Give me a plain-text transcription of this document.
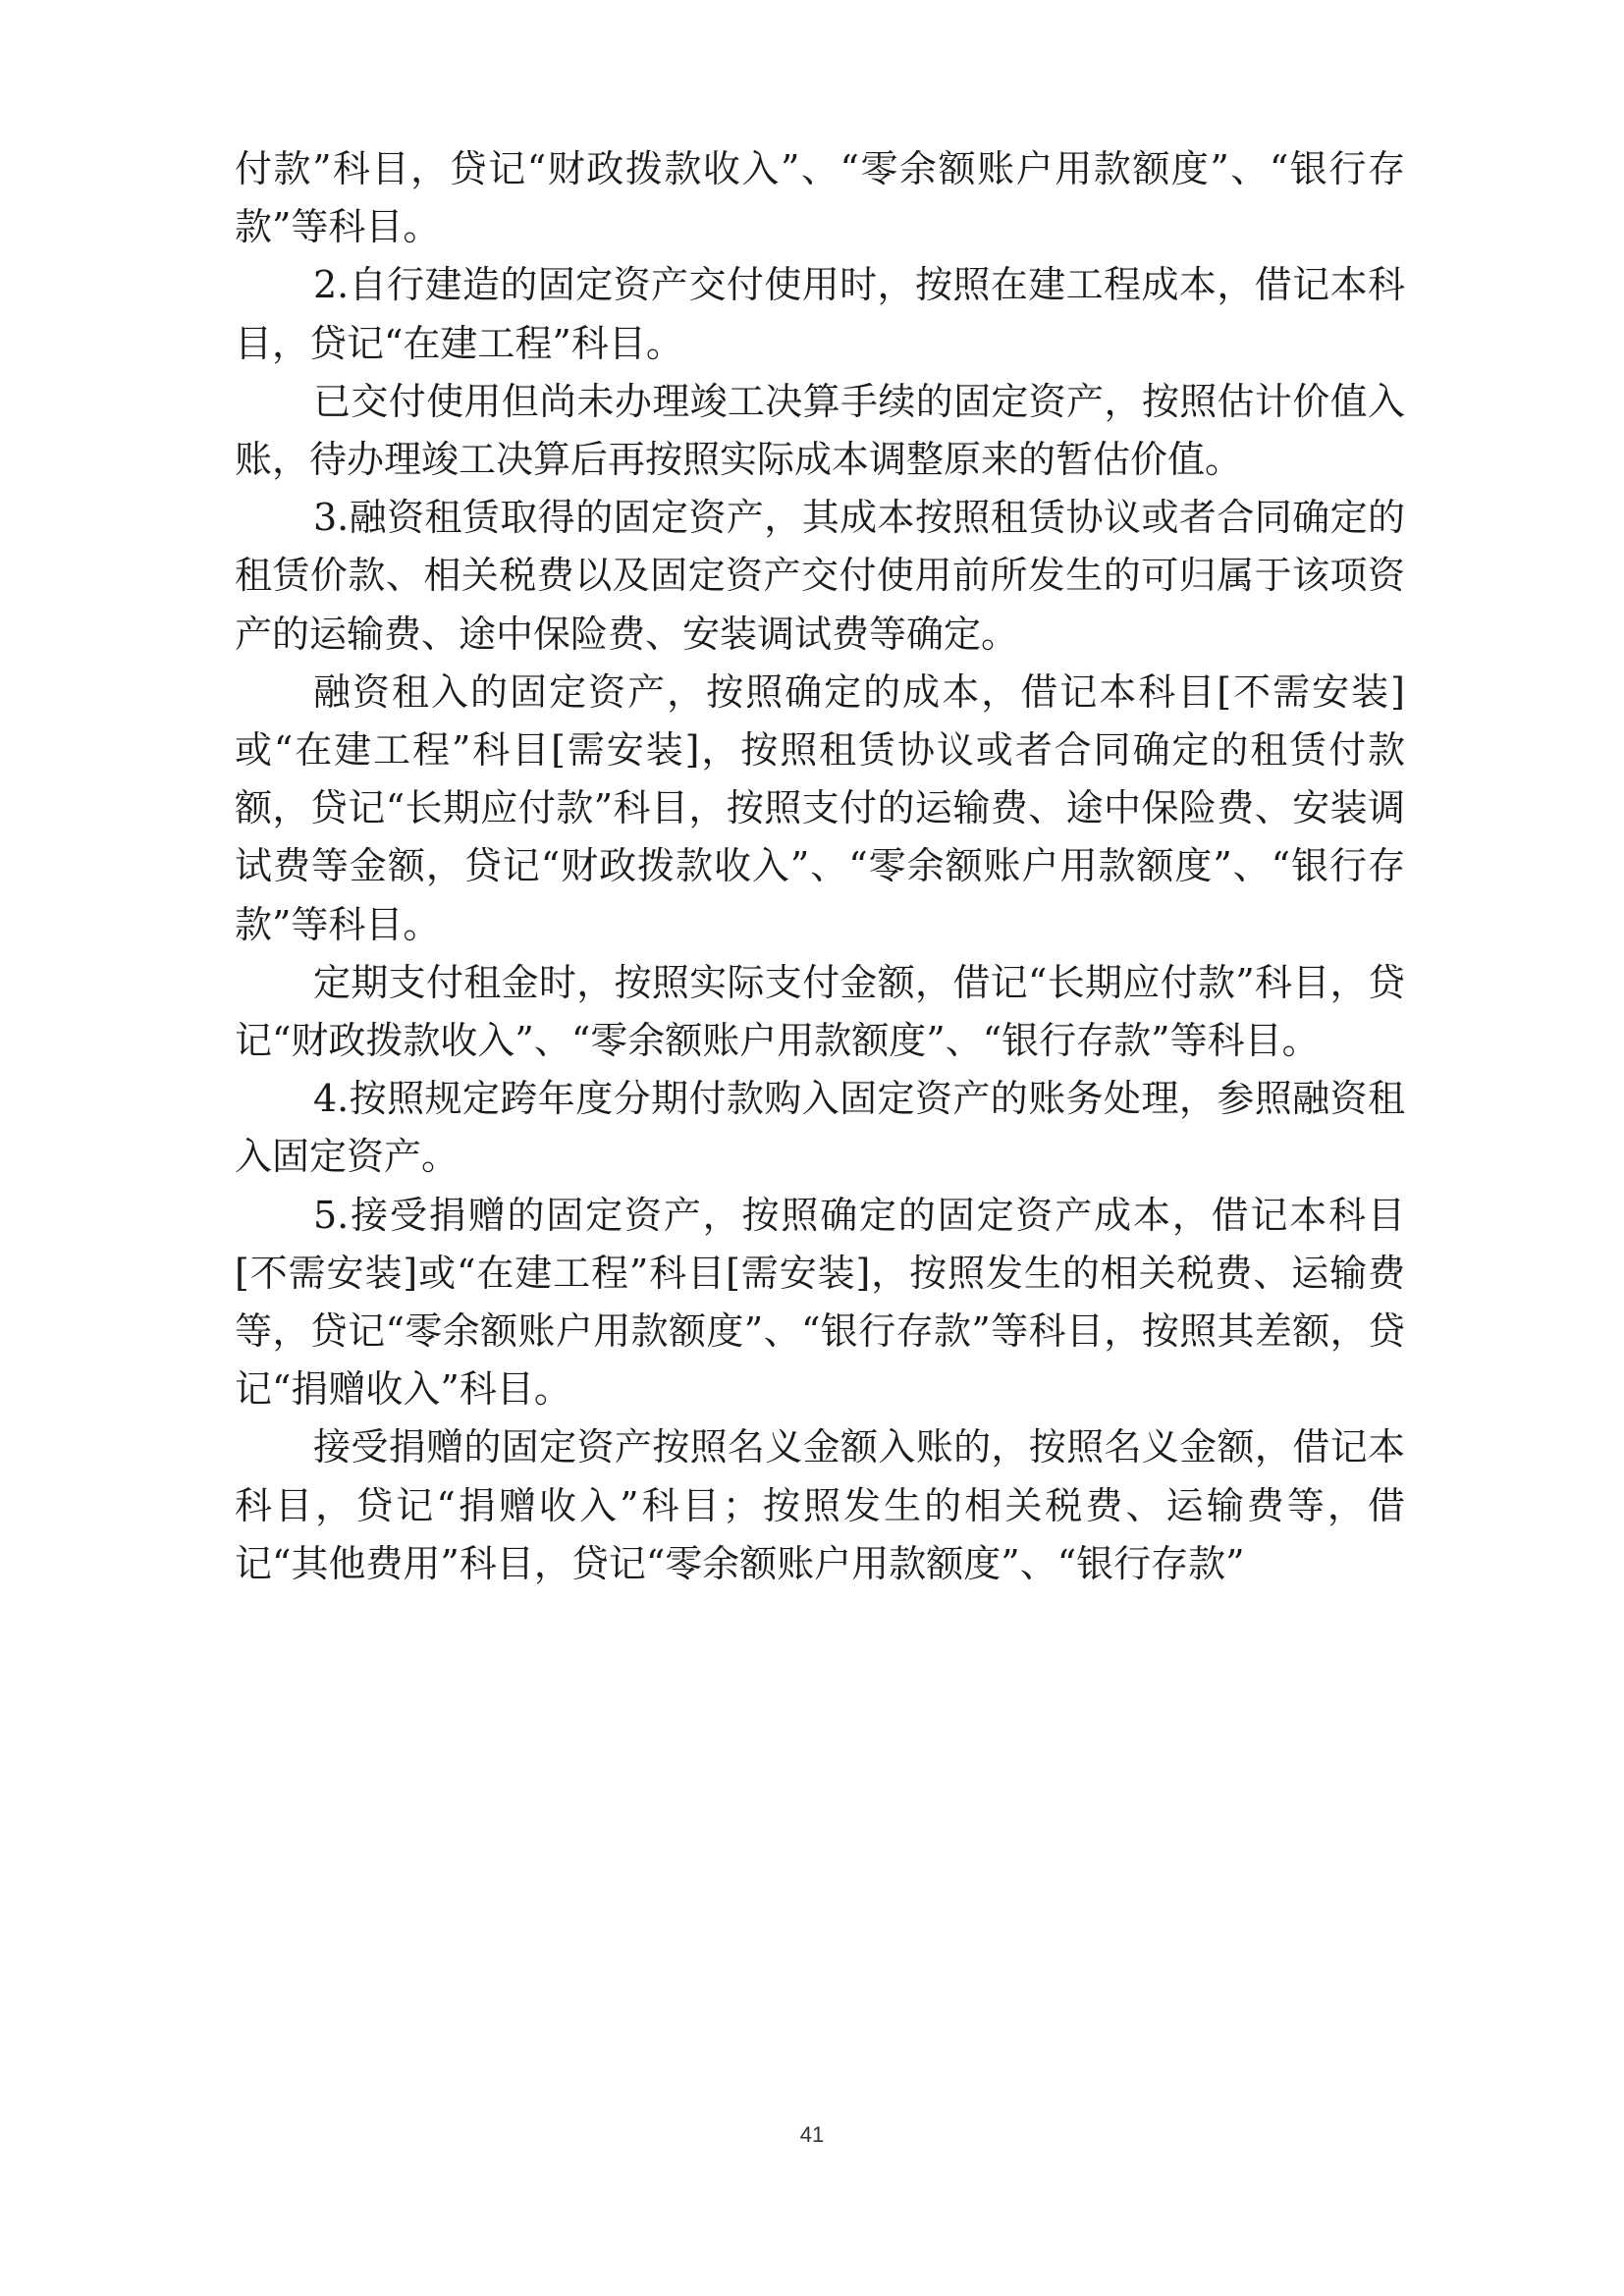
付款”科目，贷记“财政拨款收入”、“零余额账户用款额度”、“银行存款”等科目。

2.自行建造的固定资产交付使用时，按照在建工程成本，借记本科目，贷记“在建工程”科目。

已交付使用但尚未办理竣工决算手续的固定资产，按照估计价值入账，待办理竣工决算后再按照实际成本调整原来的暂估价值。

3.融资租赁取得的固定资产，其成本按照租赁协议或者合同确定的租赁价款、相关税费以及固定资产交付使用前所发生的可归属于该项资产的运输费、途中保险费、安装调试费等确定。

融资租入的固定资产，按照确定的成本，借记本科目[不需安装]或“在建工程”科目[需安装]，按照租赁协议或者合同确定的租赁付款额，贷记“长期应付款”科目，按照支付的运输费、途中保险费、安装调试费等金额，贷记“财政拨款收入”、“零余额账户用款额度”、“银行存款”等科目。

定期支付租金时，按照实际支付金额，借记“长期应付款”科目，贷记“财政拨款收入”、“零余额账户用款额度”、“银行存款”等科目。

4.按照规定跨年度分期付款购入固定资产的账务处理，参照融资租入固定资产。

5.接受捐赠的固定资产，按照确定的固定资产成本，借记本科目[不需安装]或“在建工程”科目[需安装]，按照发生的相关税费、运输费等，贷记“零余额账户用款额度”、“银行存款”等科目，按照其差额，贷记“捐赠收入”科目。

接受捐赠的固定资产按照名义金额入账的，按照名义金额，借记本科目，贷记“捐赠收入”科目；按照发生的相关税费、运输费等，借记“其他费用”科目，贷记“零余额账户用款额度”、“银行存款”

41
